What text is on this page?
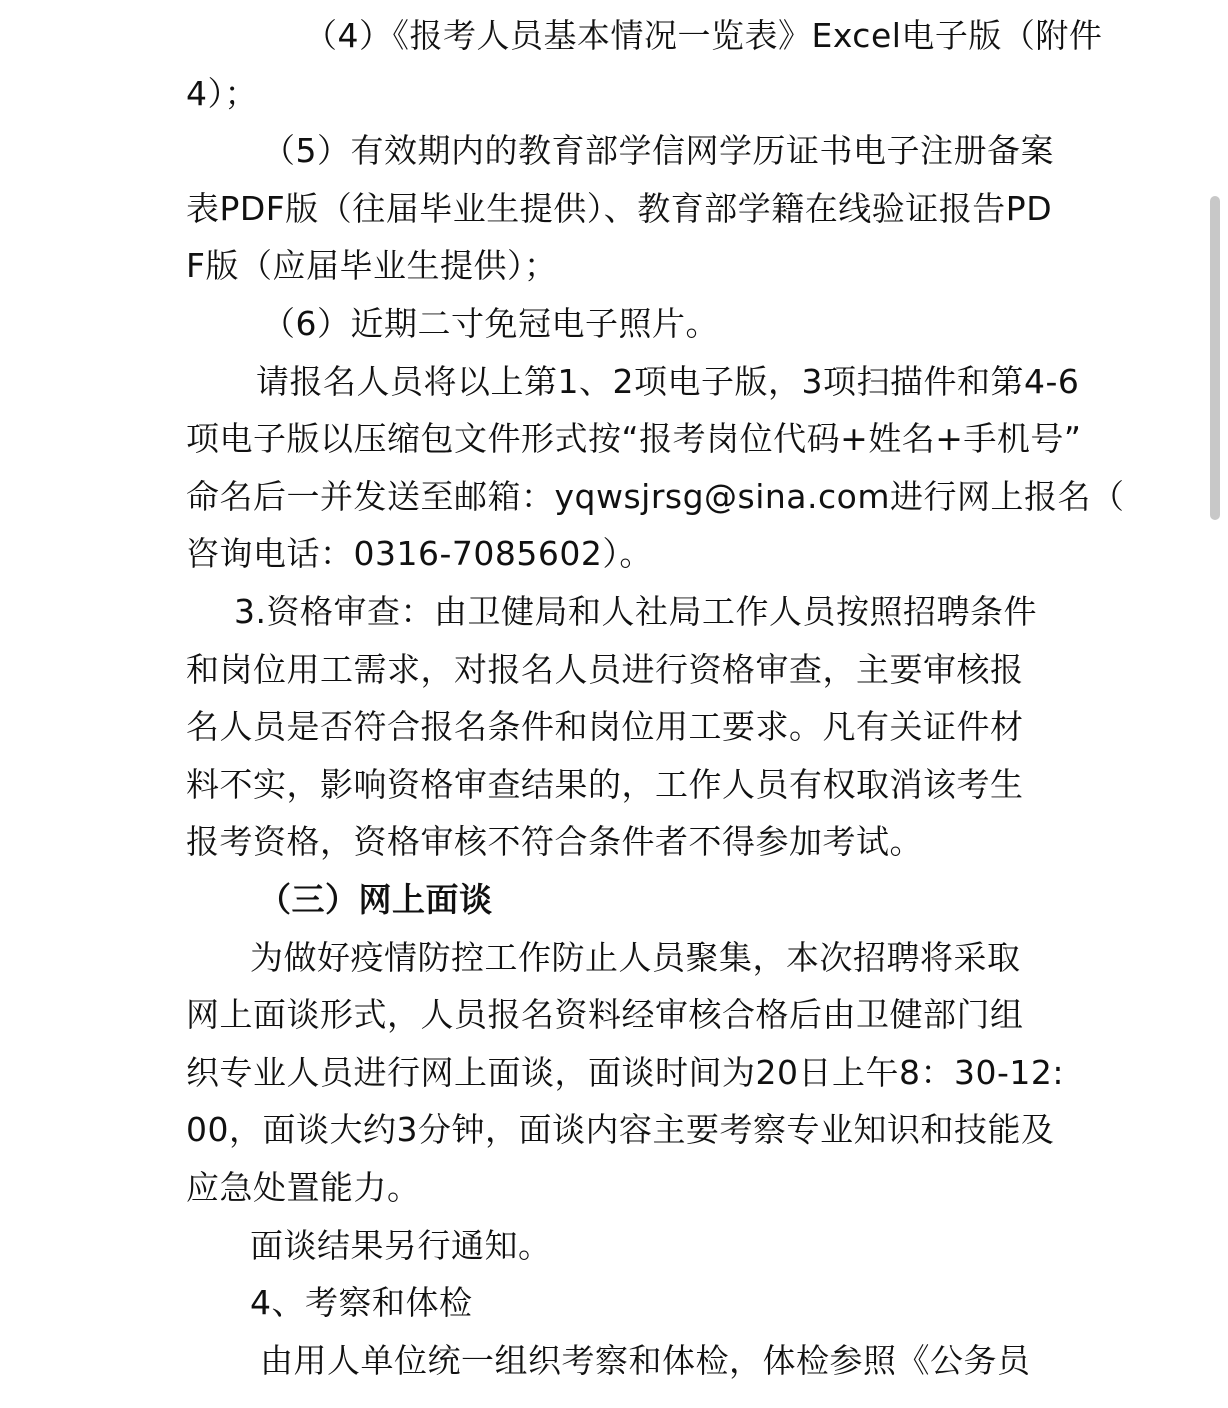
（4）《报考人员基本情况一览表》Excel电子版（附件
4）；
（5）有效期内的教育部学信网学历证书电子注册备案
表PDF版（往届毕业生提供）、教育部学籍在线验证报告PD
F版（应届毕业生提供）；
（6）近期二寸免冠电子照片。
请报名人员将以上第1、2项电子版，3项扫描件和第4-6
项电子版以压缩包文件形式按“报考岗位代码+姓名+手机号”
命名后一并发送至邮箱：yqwsjrsg@sina.com进行网上报名（
咨询电话：0316-7085602）。
3.资格审查：由卫健局和人社局工作人员按照招聘条件
和岗位用工需求，对报名人员进行资格审查，主要审核报
名人员是否符合报名条件和岗位用工要求。凡有关证件材
料不实，影响资格审查结果的，工作人员有权取消该考生
报考资格，资格审核不符合条件者不得参加考试。
（三）网上面谈
为做好疫情防控工作防止人员聚集，本次招聘将采取
网上面谈形式，人员报名资料经审核合格后由卫健部门组
织专业人员进行网上面谈，面谈时间为20日上午8：30-12:
00，面谈大约3分钟，面谈内容主要考察专业知识和技能及
应急处置能力。
面谈结果另行通知。
4、考察和体检
由用人单位统一组织考察和体检，体检参照《公务员
